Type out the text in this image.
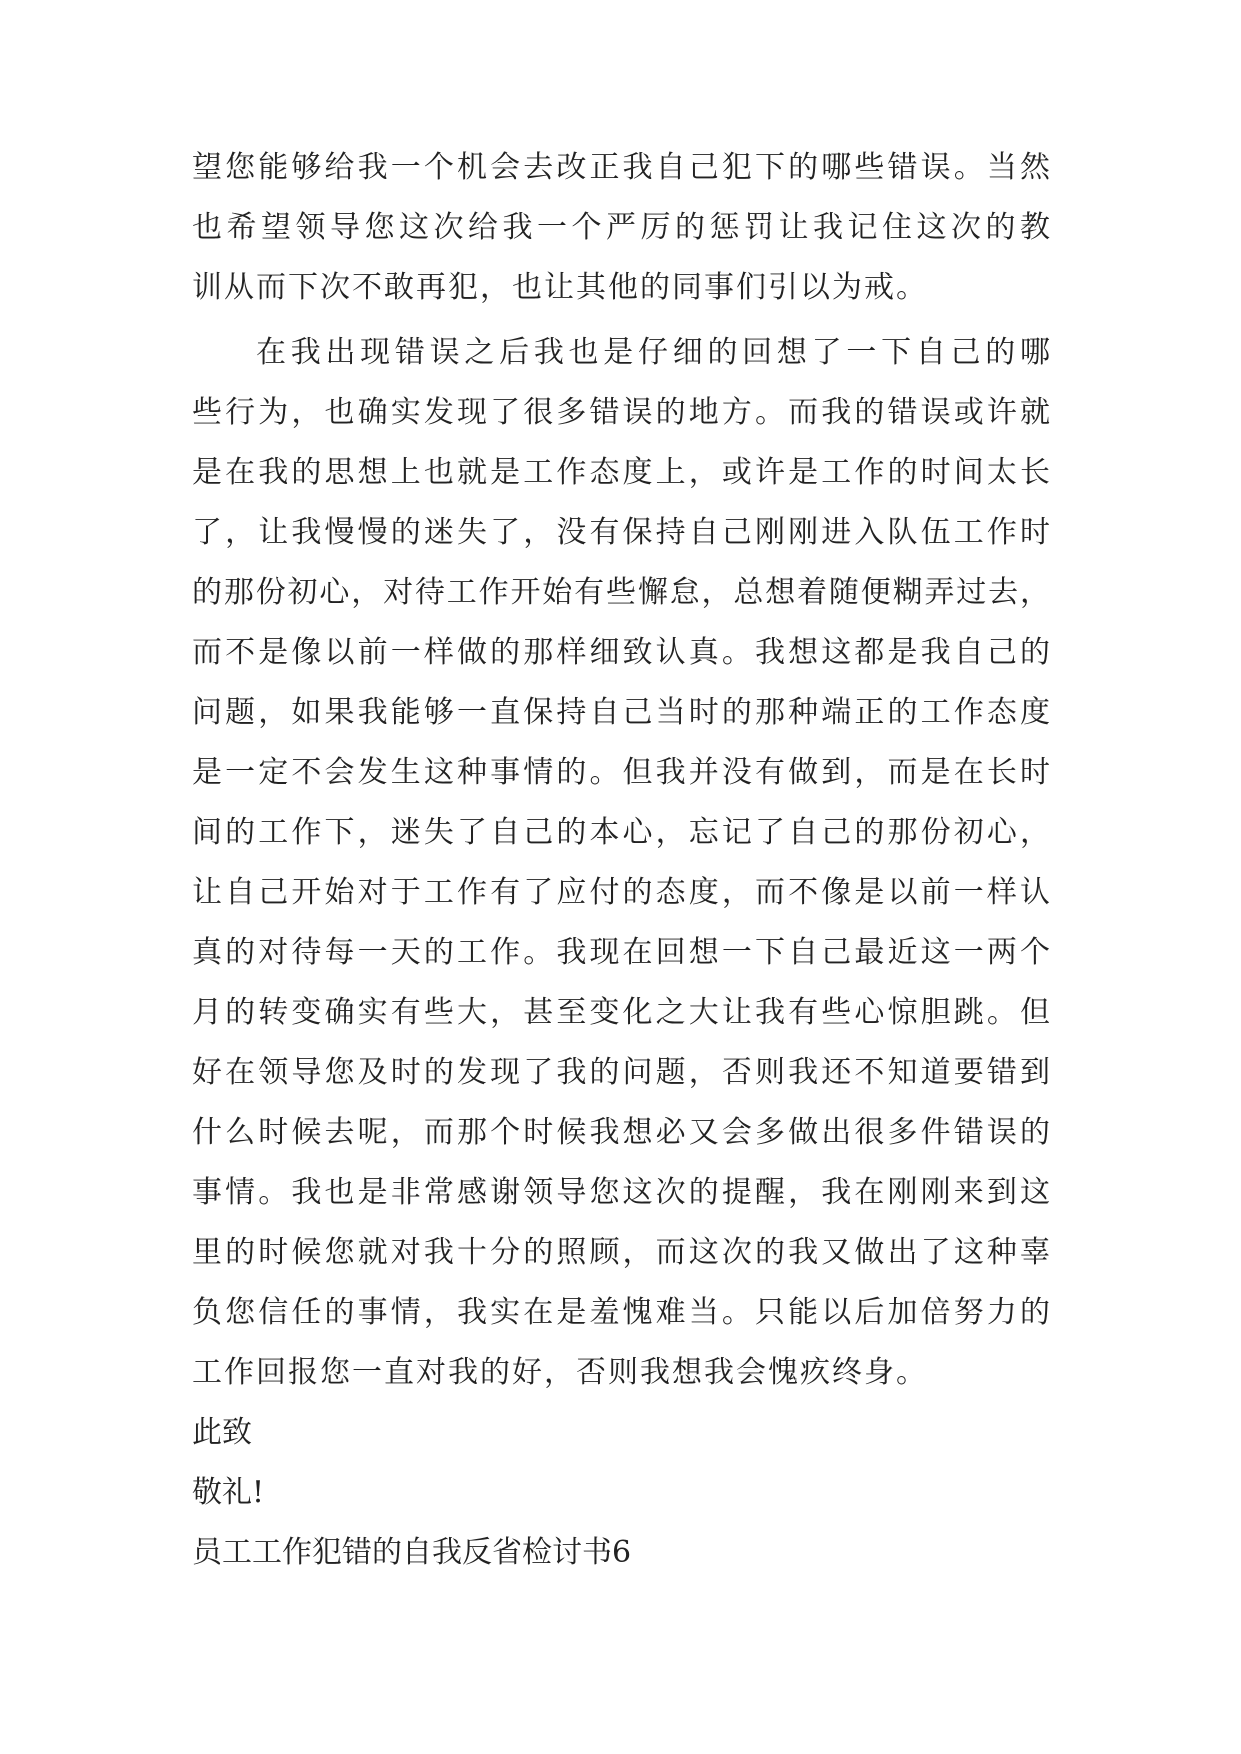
望您能够给我一个机会去改正我自己犯下的哪些错误。当然
也希望领导您这次给我一个严厉的惩罚让我记住这次的教
训从而下次不敢再犯，也让其他的同事们引以为戒。
在我出现错误之后我也是仔细的回想了一下自己的哪
些行为，也确实发现了很多错误的地方。而我的错误或许就
是在我的思想上也就是工作态度上，或许是工作的时间太长
了，让我慢慢的迷失了，没有保持自己刚刚进入队伍工作时
的那份初心，对待工作开始有些懈怠，总想着随便糊弄过去，
而不是像以前一样做的那样细致认真。我想这都是我自己的
问题，如果我能够一直保持自己当时的那种端正的工作态度
是一定不会发生这种事情的。但我并没有做到，而是在长时
间的工作下，迷失了自己的本心，忘记了自己的那份初心，
让自己开始对于工作有了应付的态度，而不像是以前一样认
真的对待每一天的工作。我现在回想一下自己最近这一两个
月的转变确实有些大，甚至变化之大让我有些心惊胆跳。但
好在领导您及时的发现了我的问题，否则我还不知道要错到
什么时候去呢，而那个时候我想必又会多做出很多件错误的
事情。我也是非常感谢领导您这次的提醒，我在刚刚来到这
里的时候您就对我十分的照顾，而这次的我又做出了这种辜
负您信任的事情，我实在是羞愧难当。只能以后加倍努力的
工作回报您一直对我的好，否则我想我会愧疚终身。
此致
敬礼!
员工工作犯错的自我反省检讨书6
